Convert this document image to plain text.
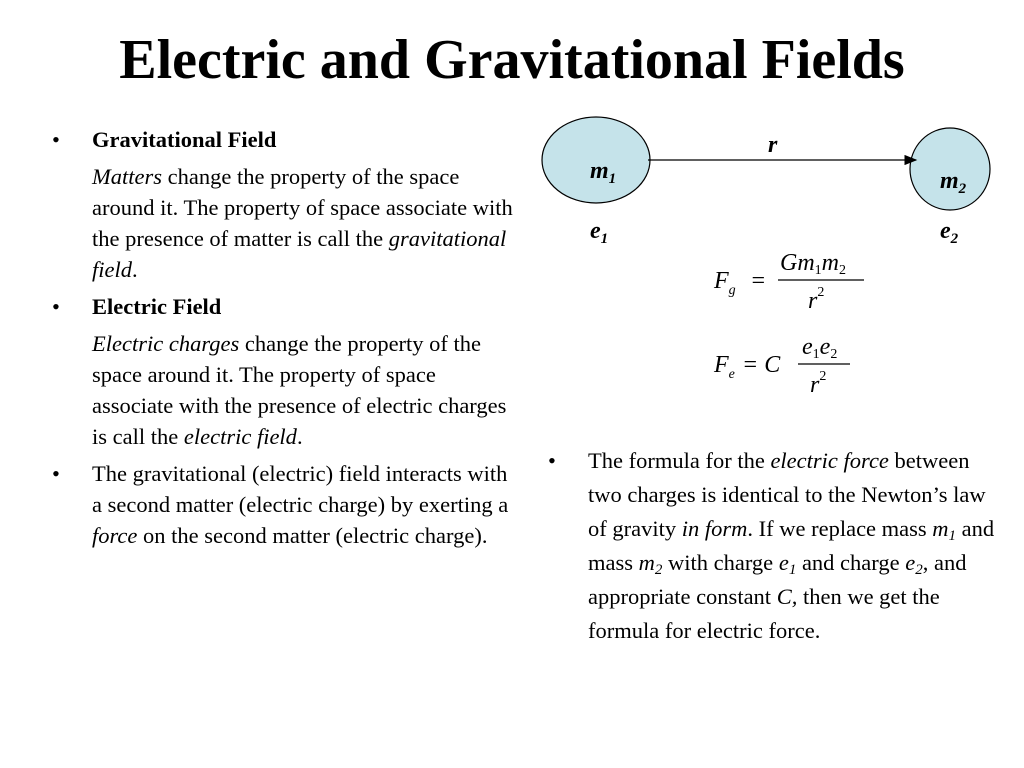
Electric and Gravitational Fields
•	Gravitational Field
Matters change the property of the space around it. The property of space associate with the presence of matter is call the gravitational field.
•	Electric Field
Electric charges change the property of the space around it. The property of space associate with the presence of electric charges is call the electric field.
•	The gravitational (electric) field interacts with a second matter (electric charge) by exerting a force on the second matter (electric charge).
r
$m_1$	$m_2$
$e_1$	$e_2$
$F_g$ =
Gm1m2
$r^2$
$F_e = C$
e1e2
$r^2$
•	The formula for the electric force between two charges is identical to the Newton’s law of gravity in form. If we replace mass $m_1$ and mass $m_2$ with charge $e_1$ and charge $e_2$, and appropriate constant C, then we get the formula for electric force.
